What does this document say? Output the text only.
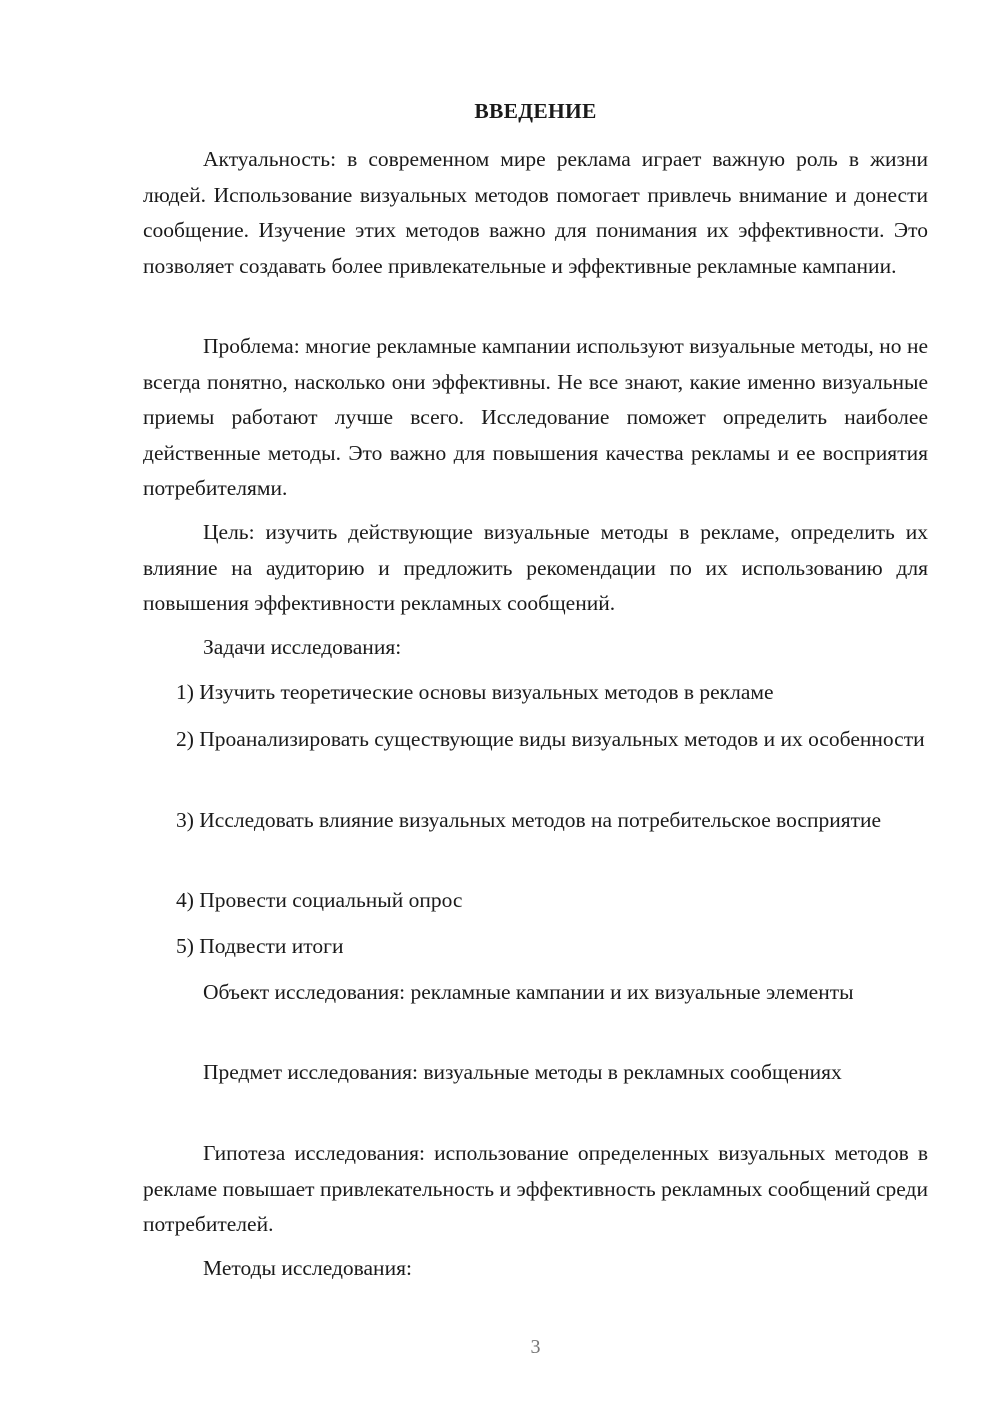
ВВЕДЕНИЕ

Актуальность: в современном мире реклама играет важную роль в жизни людей. Использование визуальных методов помогает привлечь внимание и донести сообщение. Изучение этих методов важно для понимания их эффективности. Это позволяет создавать более привлекательные и эффективные рекламные кампании.

Проблема: многие рекламные кампании используют визуальные методы, но не всегда понятно, насколько они эффективны. Не все знают, какие именно визуальные приемы работают лучше всего. Исследование поможет определить наиболее действенные методы. Это важно для повышения качества рекламы и ее восприятия потребителями.

Цель: изучить действующие визуальные методы в рекламе, определить их влияние на аудиторию и предложить рекомендации по их использованию для повышения эффективности рекламных сообщений.

Задачи исследования:

1) Изучить теоретические основы визуальных методов в рекламе

2) Проанализировать существующие виды визуальных методов и их особенности

3) Исследовать влияние визуальных методов на потребительское восприятие

4) Провести социальный опрос

5) Подвести итоги

Объект исследования: рекламные кампании и их визуальные элементы

Предмет исследования: визуальные методы в рекламных сообщениях

Гипотеза исследования: использование определенных визуальных методов в рекламе повышает привлекательность и эффективность рекламных сообщений среди потребителей.

Методы исследования:

3
